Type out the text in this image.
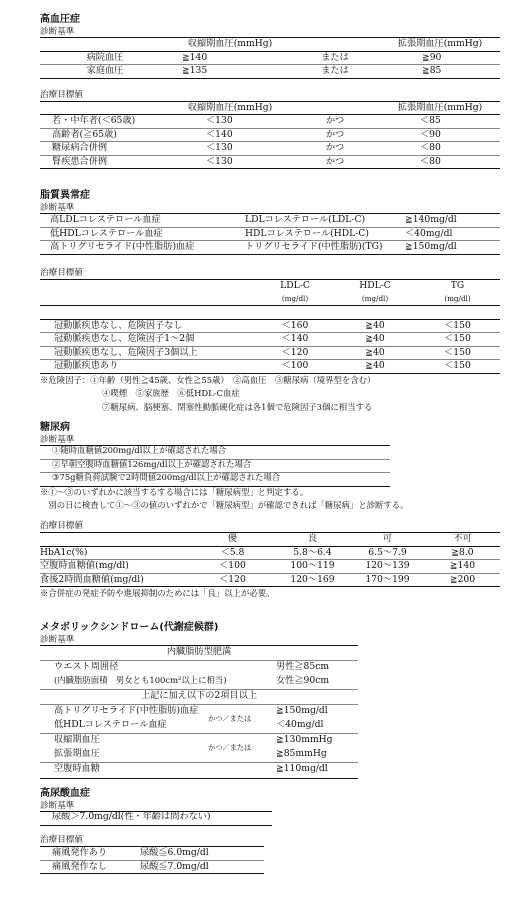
高血圧症
診断基準
	収縮期血圧(mmHg)		拡張期血圧(mmHg)
病院血圧	≧140	または	≧90
家庭血圧	≧135	または	≧85
治療目標値
	収縮期血圧(mmHg)		拡張期血圧(mmHg)
若・中年者(＜65歳)	＜130	かつ	＜85
高齢者(≧65歳)	＜140	かつ	＜90
糖尿病合併例	＜130	かつ	＜80
腎疾患合併例	＜130	かつ	＜80
脂質異常症
診断基準
高LDLコレステロール血症	LDLコレステロール(LDL-C)	≧140mg/dl
低HDLコレステロール血症	HDLコレステロール(HDL-C)	＜40mg/dl
高トリグリセライド(中性脂肪)血症	トリグリセライド(中性脂肪)(TG)	≧150mg/dl
治療目標値
	LDL-C	HDL-C	TG
	(mg/dl)	(mg/dl)	(mg/dl)

冠動脈疾患なし、危険因子なし	＜160	≧40	＜150
冠動脈疾患なし、危険因子1〜2個	＜140	≧40	＜150
冠動脈疾患なし、危険因子3個以上	＜120	≧40	＜150
冠動脈疾患あり	＜100	≧40	＜150
※危険因子：①年齢（男性≧45歳、女性≧55歳）　②高血圧　③糖尿病（境界型を含む）
④喫煙　⑤家族歴　⑥低HDL-C血症
⑦糖尿病、脳梗塞、閉塞性動脈硬化症は各1個で危険因子3個に相当する
糖尿病
診断基準
①随時血糖値200mg/dl以上が確認された場合
②早朝空腹時血糖値126mg/dl以上が確認された場合
③75g糖負荷試験で2時間値200mg/dl以上が確認された場合
※①〜③のいずれかに該当するする場合には「糖尿病型」と判定する。
　別の日に検査して①〜③の値のいずれかで「糖尿病型」が確認できれば「糖尿病」と診断する。
治療目標値
	優	良	可	不可
HbA1c(%)	＜5.8	5.8〜6.4	6.5〜7.9	≧8.0
空腹時血糖値(mg/dl)	＜100	100〜119	120〜139	≧140
食後2時間血糖値(mg/dl)	＜120	120〜169	170〜199	≧200
※合併症の発症予防や進展抑制のためには「良」以上が必要。
メタボリックシンドローム(代謝症候群)
診断基準
内臓脂肪型肥満
ウエスト周囲径	男性≧85cm
(内臓脂肪面積　男女とも100cm²以上に相当)	女性≧90cm
上記に加え以下の2項目以上
高トリグリセライド(中性脂肪)血症	≧150mg/dl
かつ／または
低HDLコレステロール血症	＜40mg/dl
収縮期血圧	≧130mmHg
かつ／または
拡張期血圧	≧85mmHg
空腹時血糖	≧110mg/dl
高尿酸血症
診断基準
尿酸＞7.0mg/dl(性・年齢は問わない)
治療目標値
痛風発作あり	尿酸≦6.0mg/dl
痛風発作なし	尿酸≦7.0mg/dl
